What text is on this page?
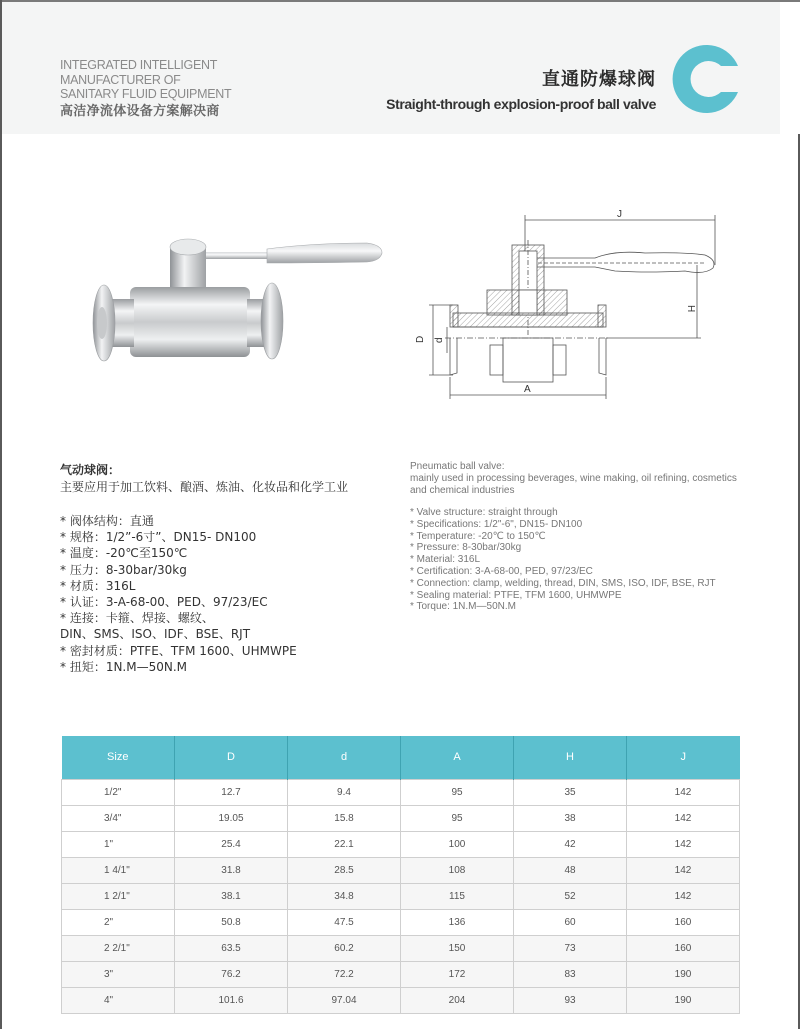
INTEGRATED INTELLIGENT
MANUFACTURER OF
SANITARY FLUID EQUIPMENT
高洁净流体设备方案解决商
直通防爆球阀
Straight-through explosion-proof ball valve
J
D d
A
H
气动球阀：
主要应用于加工饮料、酿酒、炼油、化妆品和化学工业
* 阀体结构：直通
* 规格：1/2”-6寸”、DN15- DN100
* 温度：-20℃至150℃
* 压力：8-30bar/30kg
* 材质：316L
* 认证：3-A-68-00、PED、97/23/EC
* 连接：卡箍、焊接、螺纹、
DIN、SMS、ISO、IDF、BSE、RJT
* 密封材质：PTFE、TFM 1600、UHMWPE
* 扭矩：1N.M—50N.M
Pneumatic ball valve:
mainly used in processing beverages, wine making, oil refining, cosmetics and chemical industries
* Valve structure: straight through
* Specifications: 1/2"-6", DN15- DN100
* Temperature: -20℃ to 150℃
* Pressure: 8-30bar/30kg
* Material: 316L
* Certification: 3-A-68-00, PED, 97/23/EC
* Connection: clamp, welding, thread, DIN, SMS, ISO, IDF, BSE, RJT
* Sealing material: PTFE, TFM 1600, UHMWPE
* Torque: 1N.M—50N.M
Size	D	d	A	H	J
1/2"	12.7	9.4	95	35	142
3/4"	19.05	15.8	95	38	142
1"	25.4	22.1	100	42	142
1 4/1"	31.8	28.5	108	48	142
1 2/1"	38.1	34.8	115	52	142
2"	50.8	47.5	136	60	160
2 2/1"	63.5	60.2	150	73	160
3"	76.2	72.2	172	83	190
4"	101.6	97.04	204	93	190
